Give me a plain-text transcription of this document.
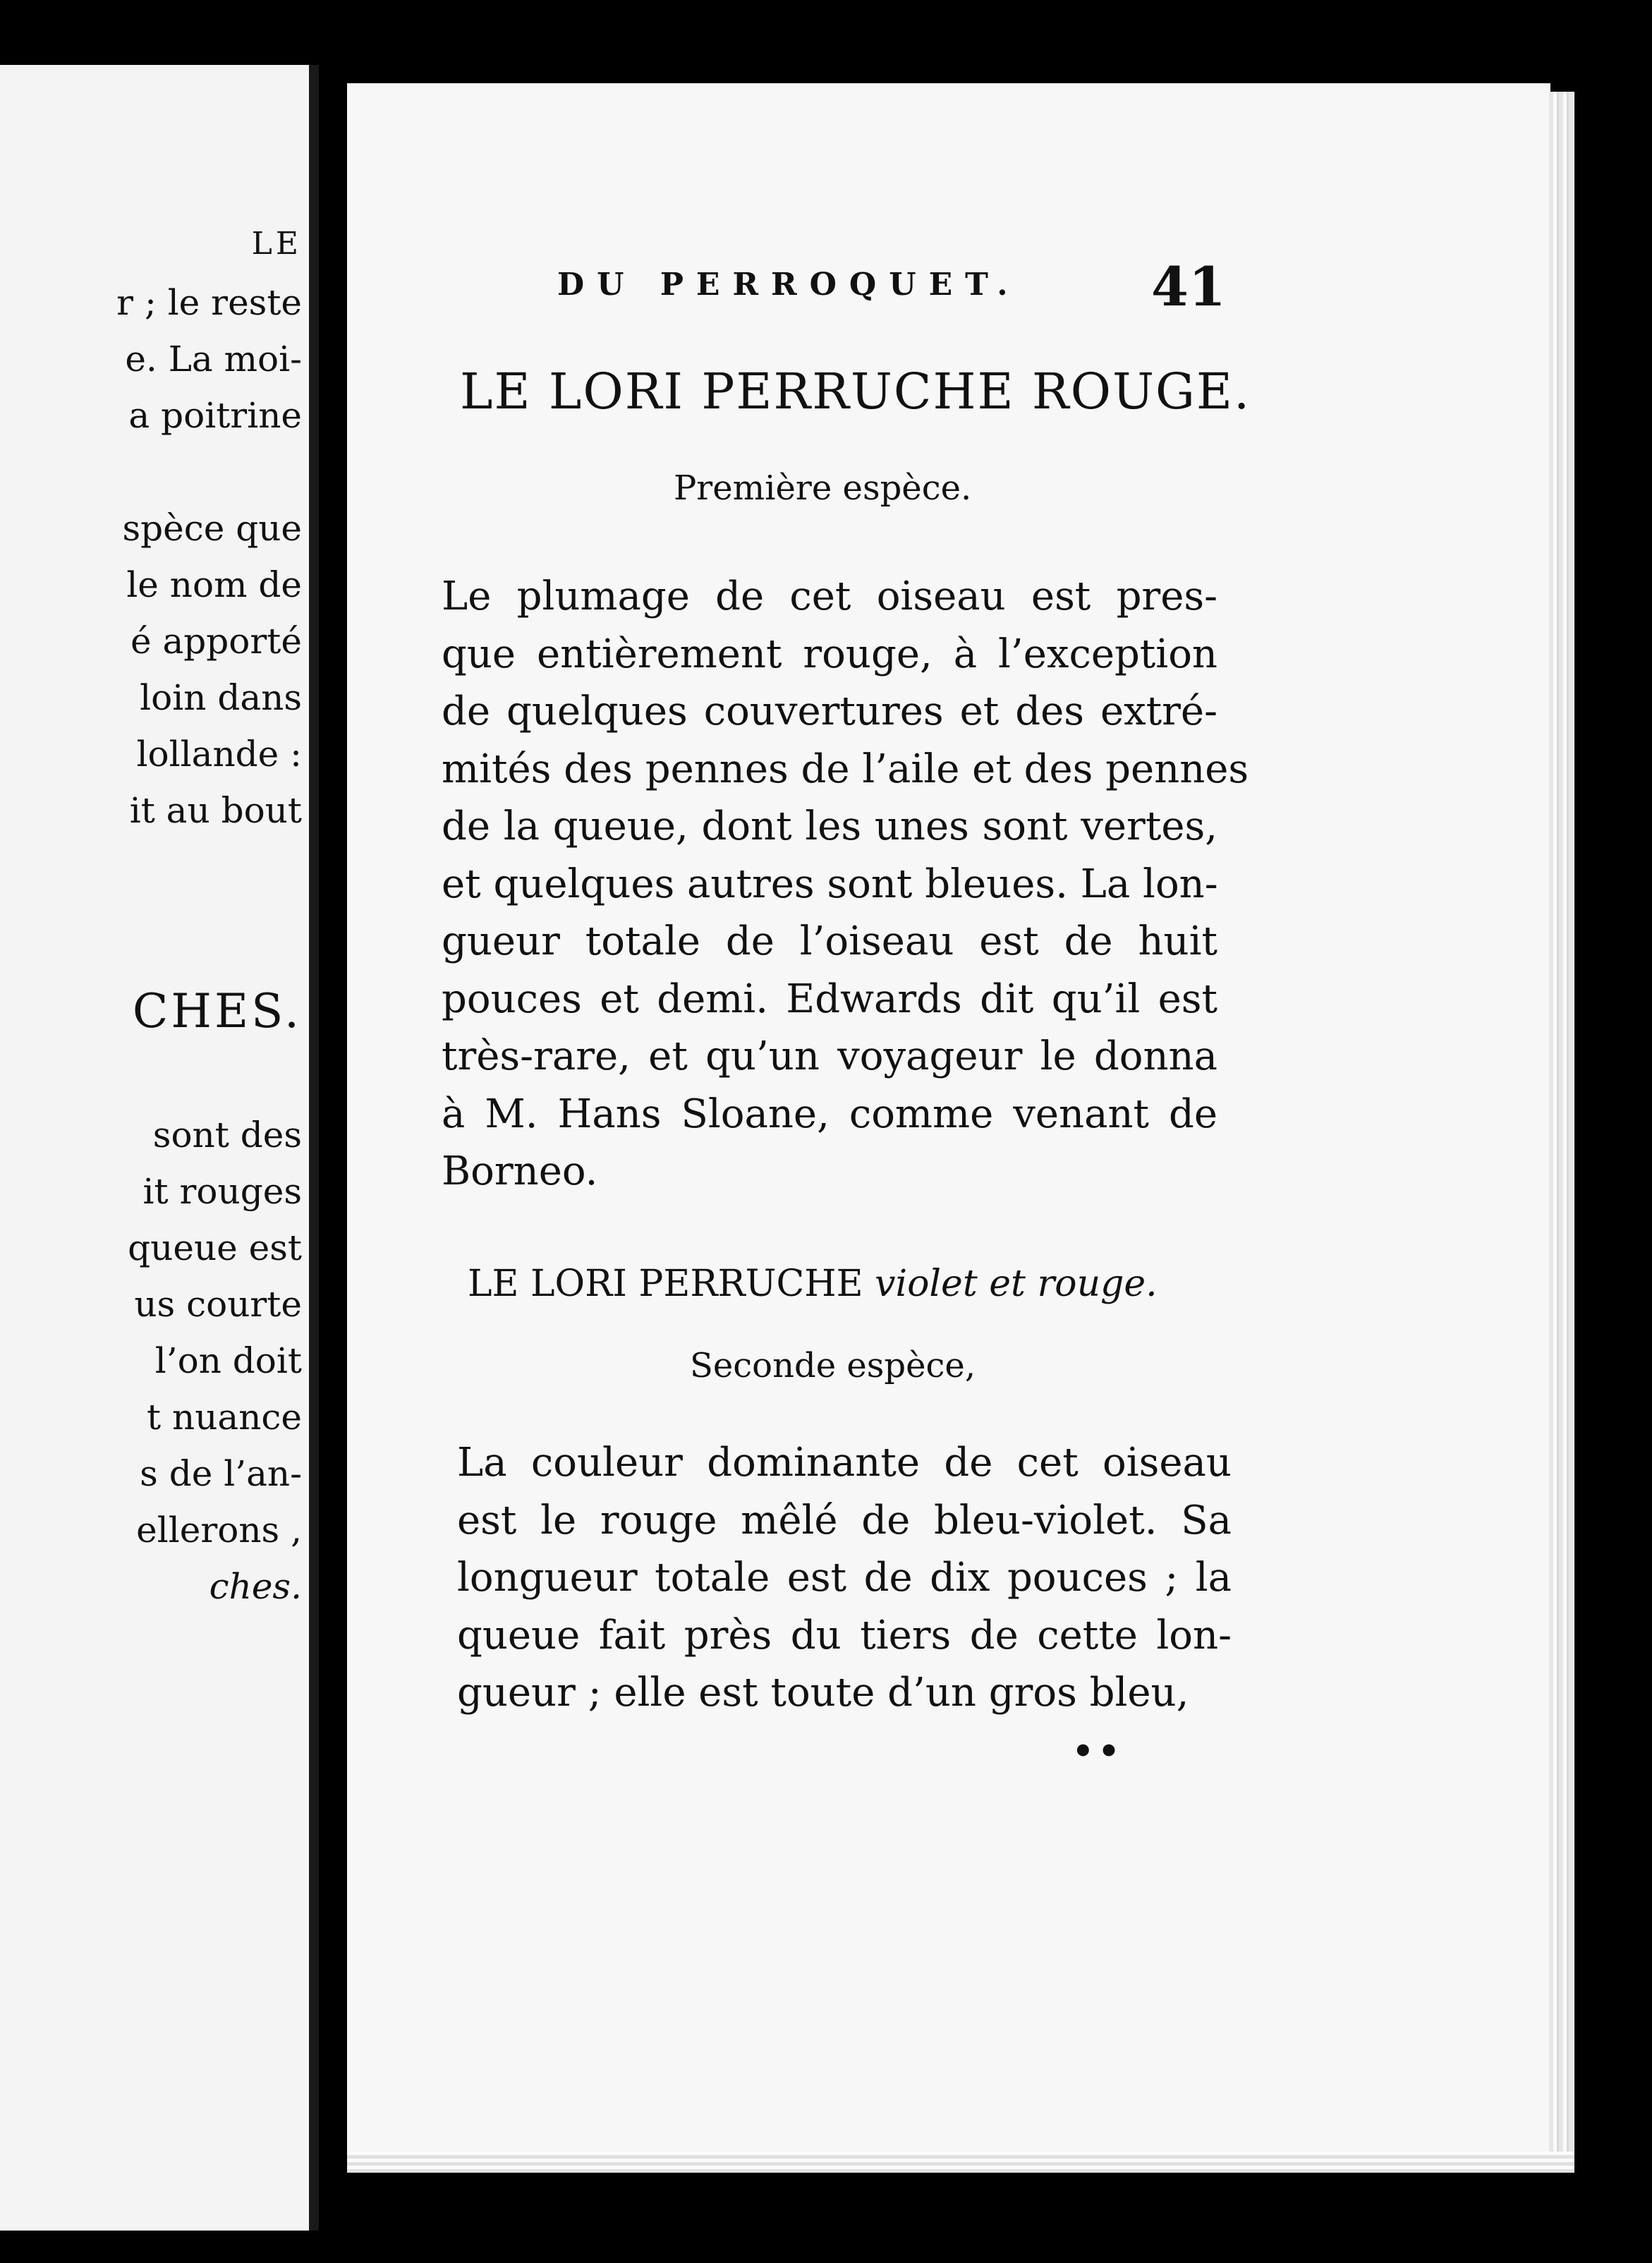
LE
r ; le reste
e. La moi-
a poitrine
spèce que
le nom de
é apporté
loin dans
lollande :
it au bout
CHES.
sont des
it rouges
queue est
us courte
l’on doit
t nuance
s de l’an-
ellerons ,
ches.
DU PERROQUET. 41
LE LORI PERRUCHE ROUGE.
Première espèce.
Le plumage de cet oiseau est pres-
que entièrement rouge, à l’exception
de quelques couvertures et des extré-
mités des pennes de l’aile et des pennes
de la queue, dont les unes sont vertes,
et quelques autres sont bleues. La lon-
gueur totale de l’oiseau est de huit
pouces et demi. Edwards dit qu’il est
très-rare, et qu’un voyageur le donna
à M. Hans Sloane, comme venant de
Borneo.
LE LORI PERRUCHE violet et rouge.
Seconde espèce,
La couleur dominante de cet oiseau
est le rouge mêlé de bleu-violet. Sa
longueur totale est de dix pouces ; la
queue fait près du tiers de cette lon-
gueur ; elle est toute d’un gros bleu,
••
